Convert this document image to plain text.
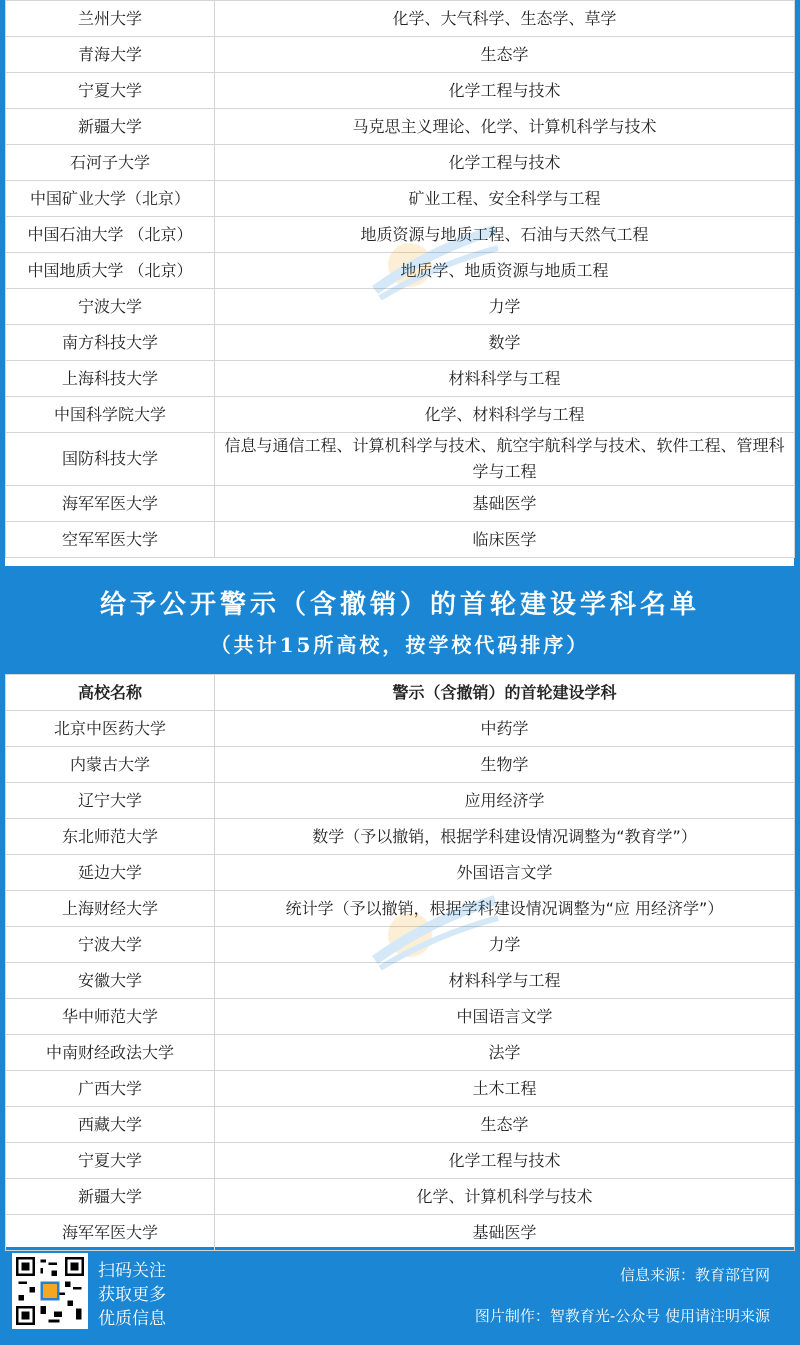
兰州大学	化学、大气科学、生态学、草学
青海大学	生态学
宁夏大学	化学工程与技术
新疆大学	马克思主义理论、化学、计算机科学与技术
石河子大学	化学工程与技术
中国矿业大学（北京）	矿业工程、安全科学与工程
中国石油大学 （北京）	地质资源与地质工程、石油与天然气工程
中国地质大学 （北京）	地质学、地质资源与地质工程
宁波大学	力学
南方科技大学	数学
上海科技大学	材料科学与工程
中国科学院大学	化学、材料科学与工程
国防科技大学	信息与通信工程、计算机科学与技术、航空宇航科学与技术、软件工程、管理科学与工程
海军军医大学	基础医学
空军军医大学	临床医学
给予公开警示（含撤销）的首轮建设学科名单
（共计15所高校，按学校代码排序）
高校名称	警示（含撤销）的首轮建设学科
北京中医药大学	中药学
内蒙古大学	生物学
辽宁大学	应用经济学
东北师范大学	数学（予以撤销，根据学科建设情况调整为“教育学”）
延边大学	外国语言文学
上海财经大学	统计学（予以撤销，根据学科建设情况调整为“应 用经济学”）
宁波大学	力学
安徽大学	材料科学与工程
华中师范大学	中国语言文学
中南财经政法大学	法学
广西大学	土木工程
西藏大学	生态学
宁夏大学	化学工程与技术
新疆大学	化学、计算机科学与技术
海军军医大学	基础医学
扫码关注
获取更多
优质信息
信息来源：教育部官网
图片制作：智教育光-公众号 使用请注明来源
